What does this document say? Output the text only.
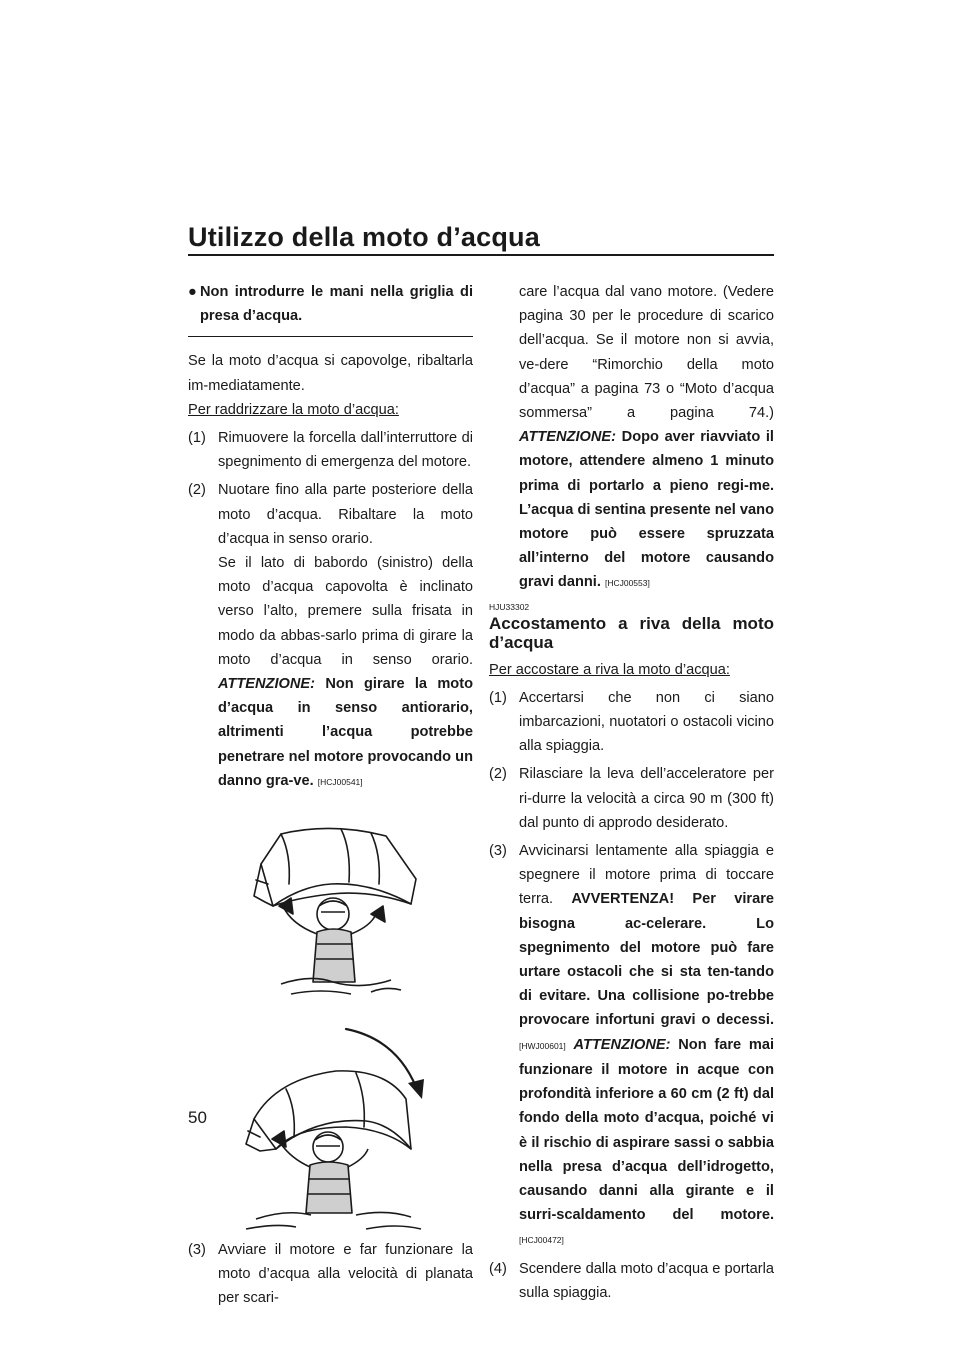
Utilizzo della moto d’acqua
● Non introdurre le mani nella griglia di presa d’acqua.

Se la moto d’acqua si capovolge, ribaltarla im-mediatamente.

Per raddrizzare la moto d’acqua:

(1) Rimuovere la forcella dall’interruttore di spegnimento di emergenza del motore.
(2) Nuotare fino alla parte posteriore della moto d’acqua. Ribaltare la moto d’acqua in senso orario.

Se il lato di babordo (sinistro) della moto d’acqua capovolta è inclinato verso l’alto, premere sulla frisata in modo da abbas-sarlo prima di girare la moto d’acqua in senso orario. ATTENZIONE: Non girare la moto d’acqua in senso antiorario, altrimenti l’acqua potrebbe penetrare nel motore provocando un danno gra-ve. [HCJ00541]

(3) Avviare il motore e far funzionare la moto d’acqua alla velocità di planata per scari-

care l’acqua dal vano motore. (Vedere pagina 30 per le procedure di scarico dell’acqua. Se il motore non si avvia, ve-dere “Rimorchio della moto d’acqua” a pagina 73 o “Moto d’acqua sommersa” a pagina 74.) ATTENZIONE: Dopo aver riavviato il motore, attendere almeno 1 minuto prima di portarlo a pieno regi-me. L’acqua di sentina presente nel vano motore può essere spruzzata all’interno del motore causando gravi danni. [HCJ00553]

HJU33302
Accostamento a riva della moto d’acqua

Per accostare a riva la moto d’acqua:

(1) Accertarsi che non ci siano imbarcazioni, nuotatori o ostacoli vicino alla spiaggia.
(2) Rilasciare la leva dell’acceleratore per ri-durre la velocità a circa 90 m (300 ft) dal punto di approdo desiderato.
(3) Avvicinarsi lentamente alla spiaggia e spegnere il motore prima di toccare terra. AVVERTENZA! Per virare bisogna ac-celerare. Lo spegnimento del motore può fare urtare ostacoli che si sta ten-tando di evitare. Una collisione po-trebbe provocare infortuni gravi o decessi. [HWJ00601] ATTENZIONE: Non fare mai funzionare il motore in acque con profondità inferiore a 60 cm (2 ft) dal fondo della moto d’acqua, poiché vi è il rischio di aspirare sassi o sabbia nella presa d’acqua dell’idrogetto, causando danni alla girante e il surri-scaldamento del motore. [HCJ00472]
(4) Scendere dalla moto d’acqua e portarla sulla spiaggia.
50
